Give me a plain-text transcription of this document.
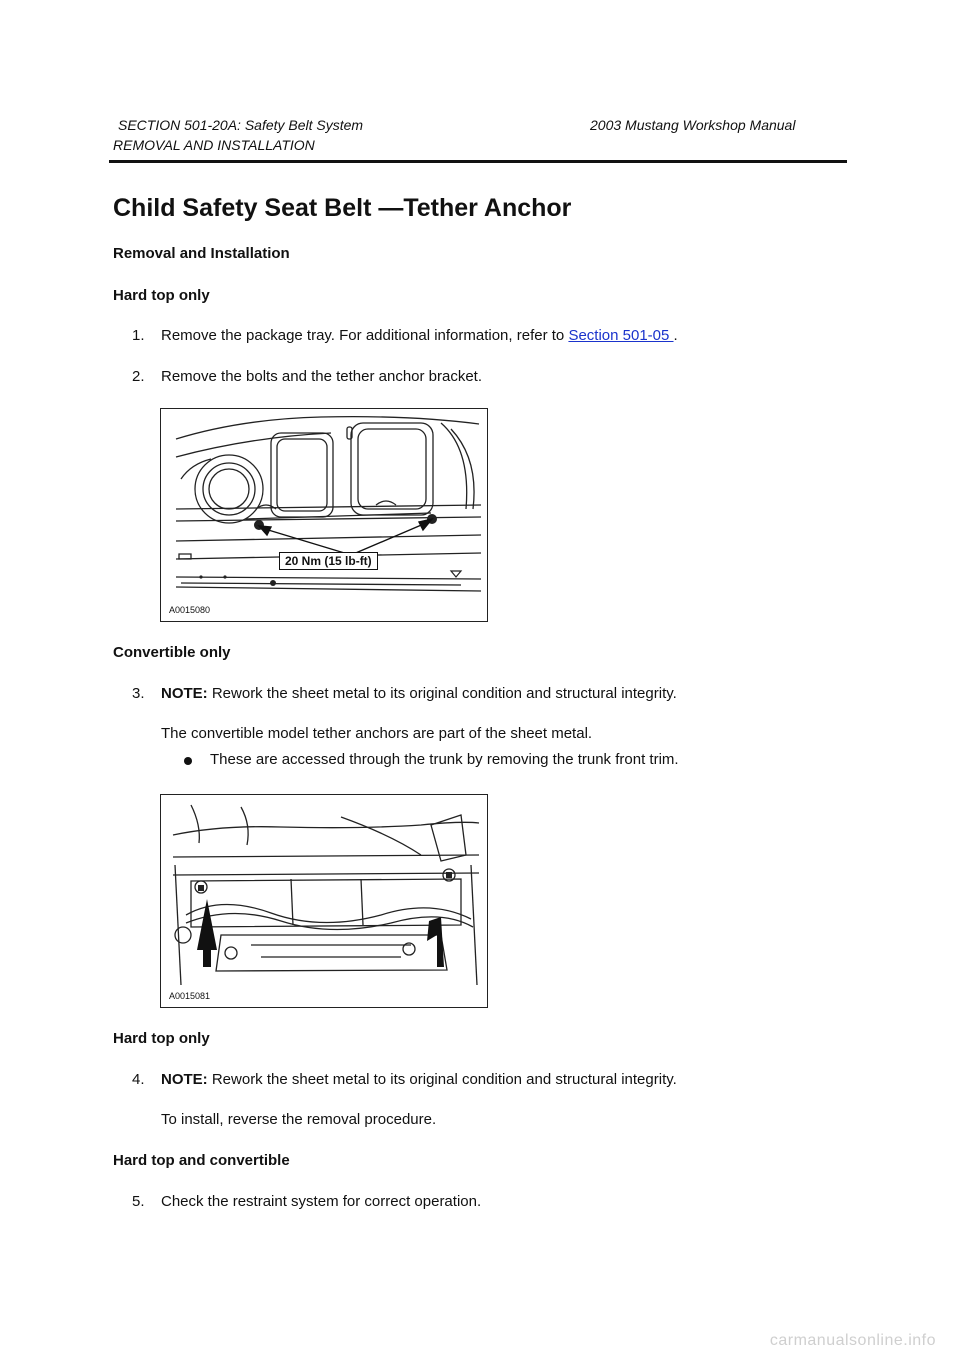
SECTION 501-20A: Safety Belt System	2003 Mustang Workshop Manual
REMOVAL AND INSTALLATION
Child Safety Seat Belt —Tether Anchor
Removal and Installation
Hard top only
1. Remove the package tray. For additional information, refer to Section 501-05 .
2. Remove the bolts and the tether anchor bracket.
20 Nm (15 lb-ft)
A0015080
Convertible only
3. NOTE: Rework the sheet metal to its original condition and structural integrity.
The convertible model tether anchors are part of the sheet metal.
These are accessed through the trunk by removing the trunk front trim.
A0015081
Hard top only
4. NOTE: Rework the sheet metal to its original condition and structural integrity.
To install, reverse the removal procedure.
Hard top and convertible
5. Check the restraint system for correct operation.
carmanualsonline.info
